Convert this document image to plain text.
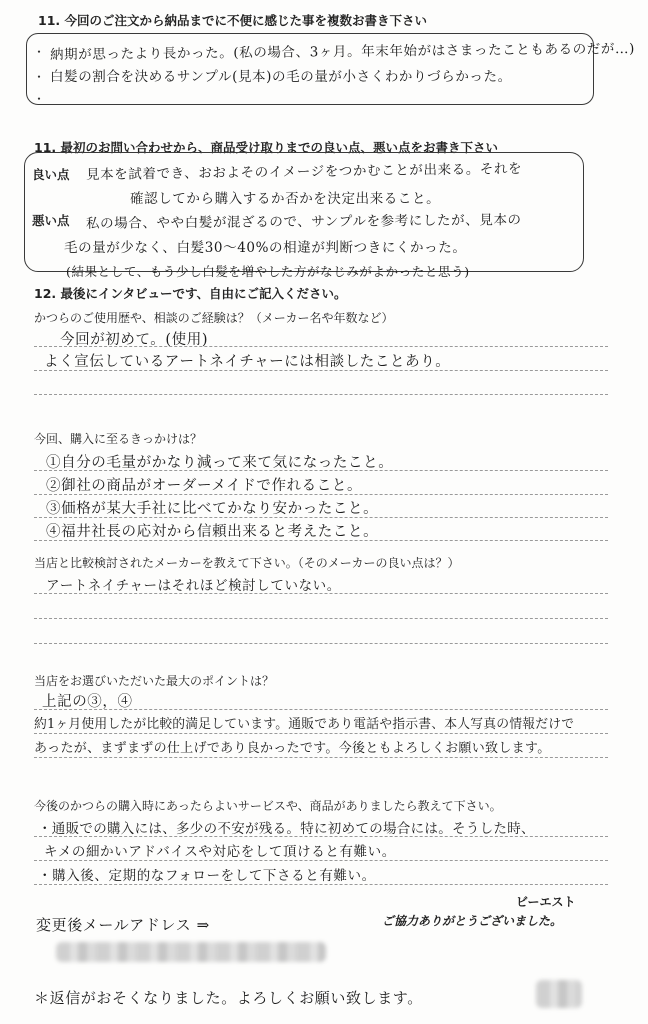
11. 今回のご注文から納品までに不便に感じた事を複数お書き下さい
・
・
・
納期が思ったより長かった。(私の場合、3ヶ月。年末年始がはさまったこともあるのだが…)
白髪の割合を決めるサンプル(見本)の毛の量が小さくわかりづらかった。
11. 最初のお問い合わせから、商品受け取りまでの良い点、悪い点をお書き下さい
良い点
悪い点
見本を試着でき、おおよそのイメージをつかむことが出来る。それを
確認してから購入するか否かを決定出来ること。
私の場合、やや白髪が混ざるので、サンプルを参考にしたが、見本の
毛の量が少なく、白髪30〜40%の相違が判断つきにくかった。
(結果として、もう少し白髪を増やした方がなじみがよかったと思う)
12. 最後にインタビューです、自由にご記入ください。
かつらのご使用歴や、相談のご経験は？（メーカー名や年数など）
今回が初めて。(使用)
よく宣伝しているアートネイチャーには相談したことあり。
今回、購入に至るきっかけは？
①自分の毛量がかなり減って来て気になったこと。
②御社の商品がオーダーメイドで作れること。
③価格が某大手社に比べてかなり安かったこと。
④福井社長の応対から信頼出来ると考えたこと。
当店と比較検討されたメーカーを教えて下さい。（そのメーカーの良い点は？）
アートネイチャーはそれほど検討していない。
当店をお選びいただいた最大のポイントは？
上記の③，④
約1ヶ月使用したが比較的満足しています。通販であり電話や指示書、本人写真の情報だけで
あったが、まずまずの仕上げであり良かったです。今後ともよろしくお願い致します。
今後のかつらの購入時にあったらよいサービスや、商品がありましたら教えて下さい。
・通販での購入には、多少の不安が残る。特に初めての場合には。そうした時、
キメの細かいアドバイスや対応をして頂けると有難い。
・購入後、定期的なフォローをして下さると有難い。
ビーエスト
ご協力ありがとうございました。
変更後メールアドレス ⇒
＊返信がおそくなりました。よろしくお願い致します。
